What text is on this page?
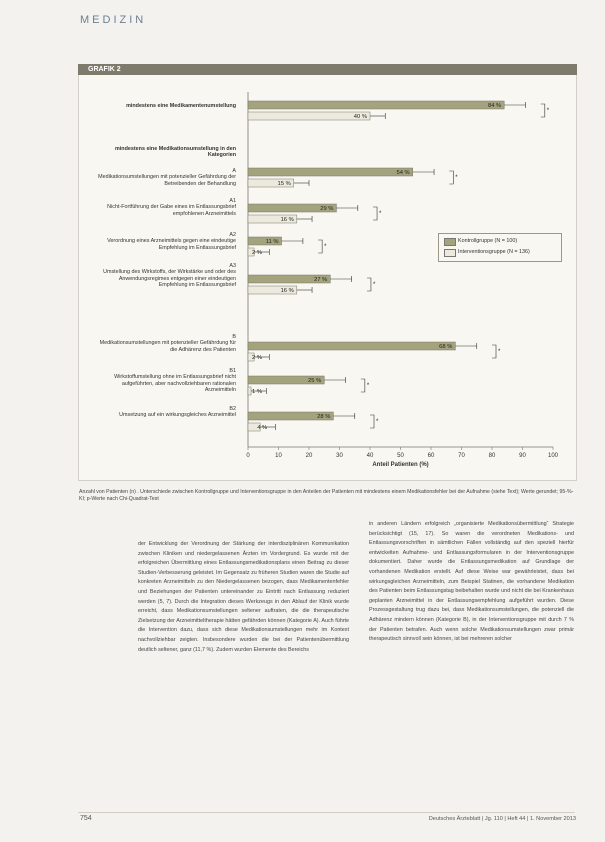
MEDIZIN
GRAFIK 2
mindestens eine Medikamentenumstellung
mindestens eine Medikationsumstellung in den Kategorien
A
Medikationsumstellungen mit potenzieller Gefährdung der Betreibenden der Behandlung
A1
Nicht-Fortführung der Gabe eines im Entlassungsbrief empfohlenen Arzneimittels
A2
Verordnung eines Arzneimittels gegen eine eindeutige Empfehlung im Entlassungsbrief
A3
Umstellung des Wirkstoffs, der Wirkstärke und oder des Anwendungsregimes entgegen einer eindeutigen Empfehlung im Entlassungsbrief
B
Medikationsumstellungen mit potenzieller Gefährdung für die Adhärenz des Patienten
B1
Wirkstoffumstellung ohne im Entlassungsbrief nicht aufgeführten, aber nachvollziehbaren rationalen Arzneimitteln
B2
Umsetzung auf ein wirkungsgleiches Arzneimittel
0	10	20	30	40	50	60	70	80	90	100
Anteil Patienten (%)
84 %
40 %
*
54 %
15 %
*
29 %
16 %
*
11 %
2 %
*
27 %
16 %
*
68 %
2 %
*
25 %
1 %
*
28 %
4 %
*
Kontrollgruppe (N = 100)
Interventionsgruppe (N = 136)
Anzahl von Patienten (n) . Unterschiede zwischen Kontrollgruppe und Interventionsgruppe in den Anteilen der Patienten mit mindestens einem Medikationsfehler bei der Aufnahme (siehe Text); Werte gerundet; 95-%-KI; p-Werte nach Chi-Quadrat-Test
der Entwicklung der Verordnung der Stärkung der interdisziplinären Kommunikation zwischen Kliniken und niedergelassenen Ärzten im Vordergrund. Es wurde mit der erfolgreichen Übermittlung eines Entlassungsmedikationsplans einen Beitrag zu dieser Studien-Verbesserung geleistet. Im Gegensatz zu früheren Studien waren die Studie auf konkreten Arzneimitteln zu den Niedergelassenen bezogen, dass Medikamentenfehler und Beziehungen der Patienten untereinander zu Eintritt nach Entlassung reduziert werden (5, 7). Durch die Integration dieses Werkzeugs in den Ablauf der Klinik wurde erreicht, dass Medikationsumstellungen seltener auftraten, die die therapeutische Zielsetzung der Arzneimitteltherapie hätten gefährden können (Kategorie A). Auch führte die Intervention dazu, dass sich diese Medikationsumstellungen mehr im Kontext nachvollziehbar zeigten. Insbesondere wurden die bei der Patientenübermittlung deutlich seltener, ganz (11,7 %). Zudem wurden Elemente des Bereichs
in anderen Ländern erfolgreich „organisierte Medikationsübermittlung“ Strategie berücksichtigt (15, 17). So waren die verordneten Medikations- und Entlassungsvorschriften in sämtlichen Fällen vollständig auf den speziell hierfür entwickelten Aufnahme- und Entlassungsformularen in der Interventionsgruppe dokumentiert. Daher wurde die Entlassungsmedikation auf Grundlage der vorhandenen Medikation erstellt. Auf diese Weise war gewährleistet, dass bei wirkungsgleichen Arzneimitteln, zum Beispiel Statinen, die vorhandene Medikation des Patienten beim Entlassungstag beibehalten wurde und nicht die bei Krankenhaus geplanten Arzneimittel in der Entlassungsempfehlung aufgeführt wurden. Diese Prozessgestaltung trug dazu bei, dass Medikationsumstellungen, die potenziell die Adhärenz mindern können (Kategorie B), in der Interventionsgruppe mit durch 7 % der Patienten betrafen. Auch wenn solche Medikationsumstellungen zwar primär therapeutisch sinnvoll sein können, ist bei mehreren solcher
754	Deutsches Ärzteblatt | Jg. 110 | Heft 44 | 1. November 2013
